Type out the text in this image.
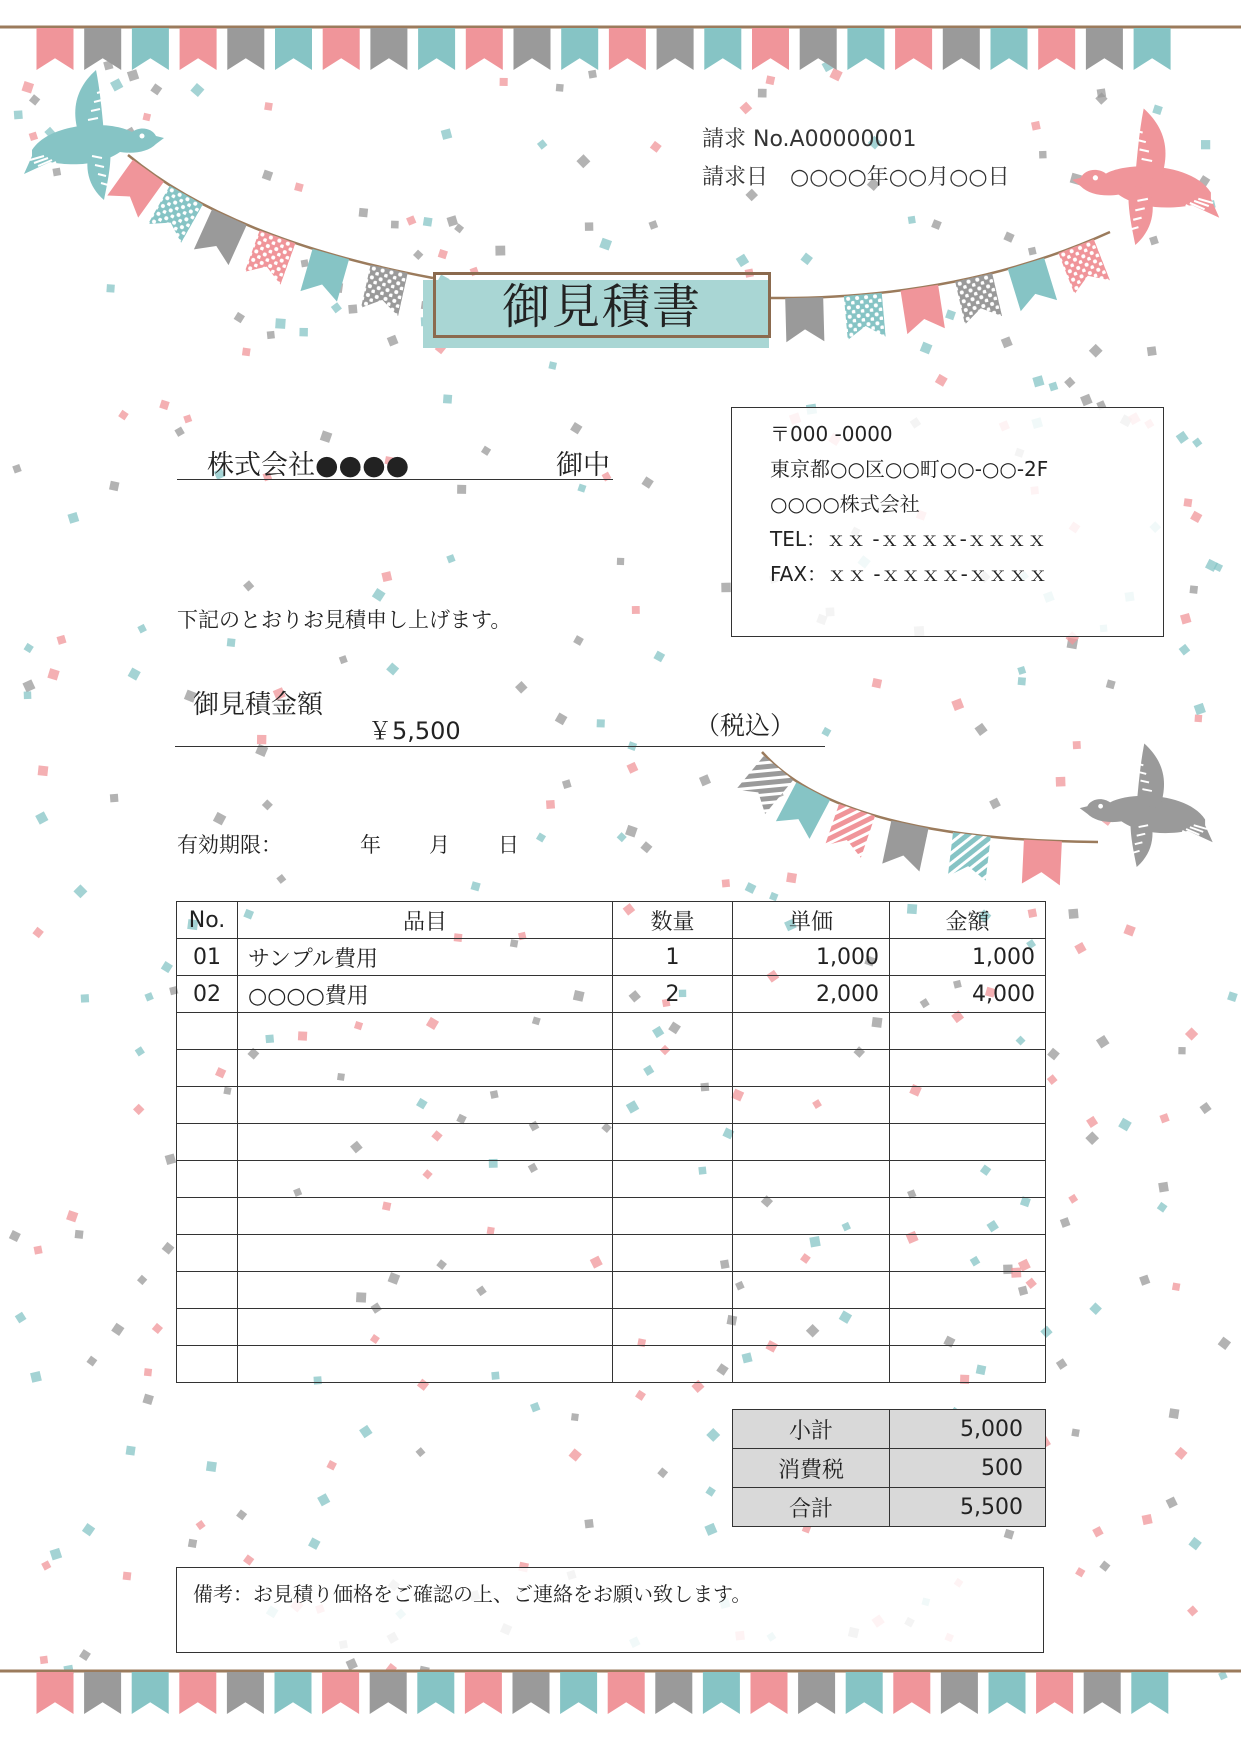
請求 No.A00000001
請求日　○○○○年○○月○○日
御見積書
株式会社●●●●	御中
〒000 -0000
東京都○○区○○町○○-○○-2F
○○○○株式会社
TEL：ｘｘ -ｘｘｘｘ-ｘｘｘｘ
FAX：ｘｘ -ｘｘｘｘ-ｘｘｘｘ
下記のとおりお見積申し上げます。
御見積金額
￥5,500	（税込）
有効期限：	年 月 日
No.	品目	数量	単価	金額
01	サンプル費用	1	1,000	1,000
02	○○○○費用	2	2,000	4,000

小計	5,000
消費税	500
合計	5,500
備考：お見積り価格をご確認の上、ご連絡をお願い致します。
